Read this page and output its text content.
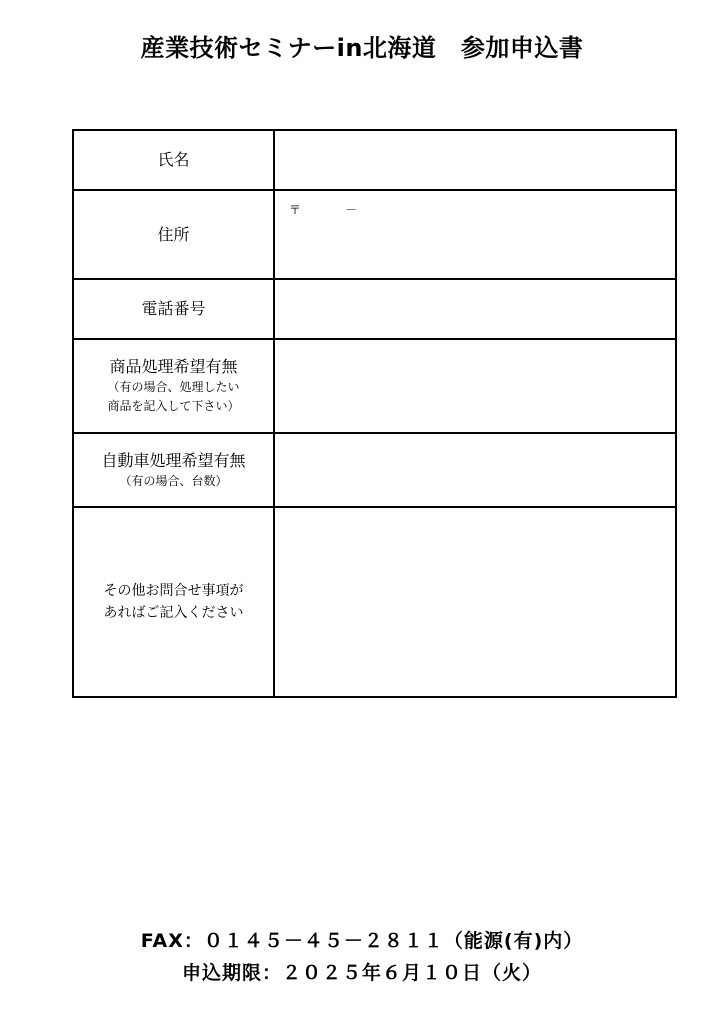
産業技術セミナーin北海道　参加申込書
氏名	

住所	〒 －

電話番号	

商品処理希望有無
（有の場合、処理したい
商品を記入して下さい）	

自動車処理希望有無
（有の場合、台数）	

その他お問合せ事項が
あればご記入ください	

FAX：０１４５－４５－２８１１（能源(有)内）
申込期限：２０２５年６月１０日（火）
